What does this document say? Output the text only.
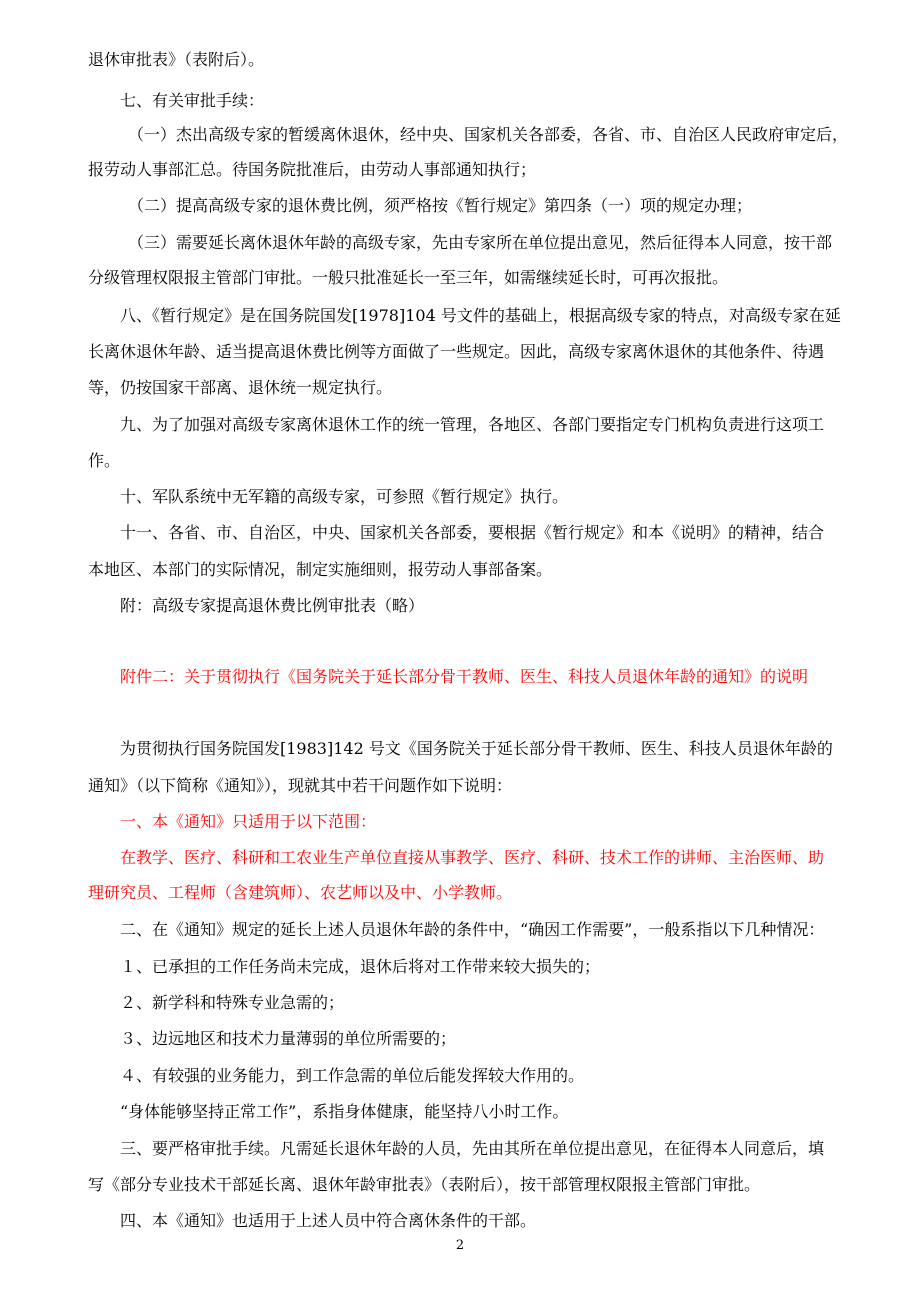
退休审批表》（表附后）。
七、有关审批手续：
（一）杰出高级专家的暂缓离休退休，经中央、国家机关各部委，各省、市、自治区人民政府审定后，
报劳动人事部汇总。待国务院批准后，由劳动人事部通知执行；
（二）提高高级专家的退休费比例，须严格按《暂行规定》第四条（一）项的规定办理；
（三）需要延长离休退休年龄的高级专家，先由专家所在单位提出意见，然后征得本人同意，按干部
分级管理权限报主管部门审批。一般只批准延长一至三年，如需继续延长时，可再次报批。
八、《暂行规定》是在国务院国发[1978]104 号文件的基础上，根据高级专家的特点，对高级专家在延
长离休退休年龄、适当提高退休费比例等方面做了一些规定。因此，高级专家离休退休的其他条件、待遇
等，仍按国家干部离、退休统一规定执行。
九、为了加强对高级专家离休退休工作的统一管理，各地区、各部门要指定专门机构负责进行这项工
作。
十、军队系统中无军籍的高级专家，可参照《暂行规定》执行。
十一、各省、市、自治区，中央、国家机关各部委，要根据《暂行规定》和本《说明》的精神，结合
本地区、本部门的实际情况，制定实施细则，报劳动人事部备案。
附：高级专家提高退休费比例审批表（略）
附件二：关于贯彻执行《国务院关于延长部分骨干教师、医生、科技人员退休年龄的通知》的说明
为贯彻执行国务院国发[1983]142 号文《国务院关于延长部分骨干教师、医生、科技人员退休年龄的
通知》（以下简称《通知》），现就其中若干问题作如下说明：
一、本《通知》只适用于以下范围：
在教学、医疗、科研和工农业生产单位直接从事教学、医疗、科研、技术工作的讲师、主治医师、助
理研究员、工程师（含建筑师）、农艺师以及中、小学教师。
二、在《通知》规定的延长上述人员退休年龄的条件中，“确因工作需要”，一般系指以下几种情况：
１、已承担的工作任务尚未完成，退休后将对工作带来较大损失的；
２、新学科和特殊专业急需的；
３、边远地区和技术力量薄弱的单位所需要的；
４、有较强的业务能力，到工作急需的单位后能发挥较大作用的。
“身体能够坚持正常工作”，系指身体健康，能坚持八小时工作。
三、要严格审批手续。凡需延长退休年龄的人员，先由其所在单位提出意见，在征得本人同意后，填
写《部分专业技术干部延长离、退休年龄审批表》（表附后），按干部管理权限报主管部门审批。
四、本《通知》也适用于上述人员中符合离休条件的干部。
2
